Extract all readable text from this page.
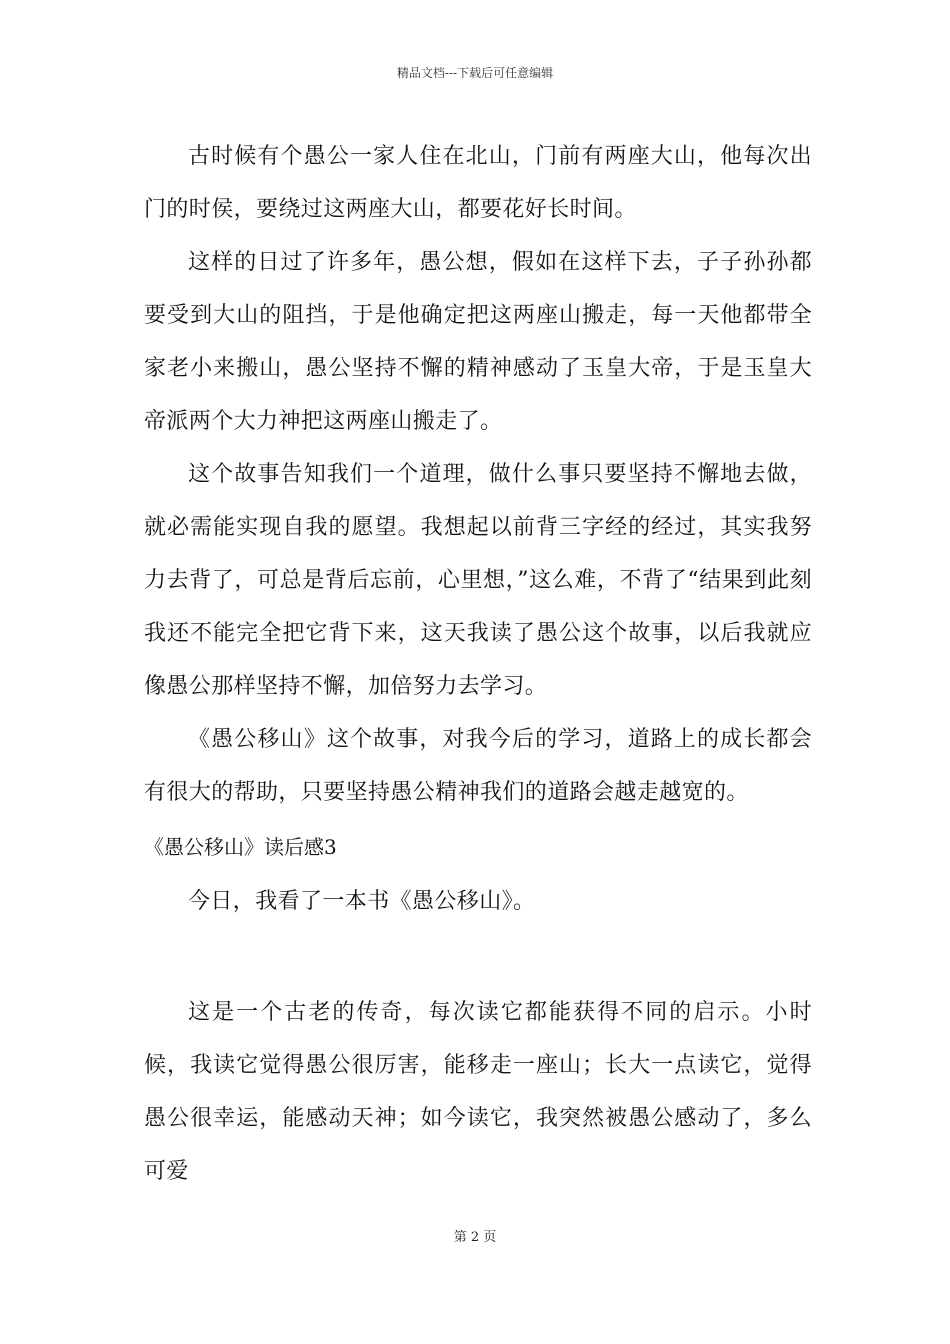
精品文档---下载后可任意编辑

古时候有个愚公一家人住在北山，门前有两座大山，他每次出门的时侯，要绕过这两座大山，都要花好长时间。

这样的日过了许多年，愚公想，假如在这样下去，子子孙孙都要受到大山的阻挡，于是他确定把这两座山搬走，每一天他都带全家老小来搬山，愚公坚持不懈的精神感动了玉皇大帝，于是玉皇大帝派两个大力神把这两座山搬走了。

这个故事告知我们一个道理，做什么事只要坚持不懈地去做，就必需能实现自我的愿望。我想起以前背三字经的经过，其实我努力去背了，可总是背后忘前，心里想，”这么难，不背了“结果到此刻我还不能完全把它背下来，这天我读了愚公这个故事，以后我就应像愚公那样坚持不懈，加倍努力去学习。

《愚公移山》这个故事，对我今后的学习，道路上的成长都会有很大的帮助，只要坚持愚公精神我们的道路会越走越宽的。

《愚公移山》读后感3

今日，我看了一本书《愚公移山》。

这是一个古老的传奇，每次读它都能获得不同的启示。小时候，我读它觉得愚公很厉害，能移走一座山；长大一点读它，觉得愚公很幸运，能感动天神；如今读它，我突然被愚公感动了，多么可爱

第 2 页
